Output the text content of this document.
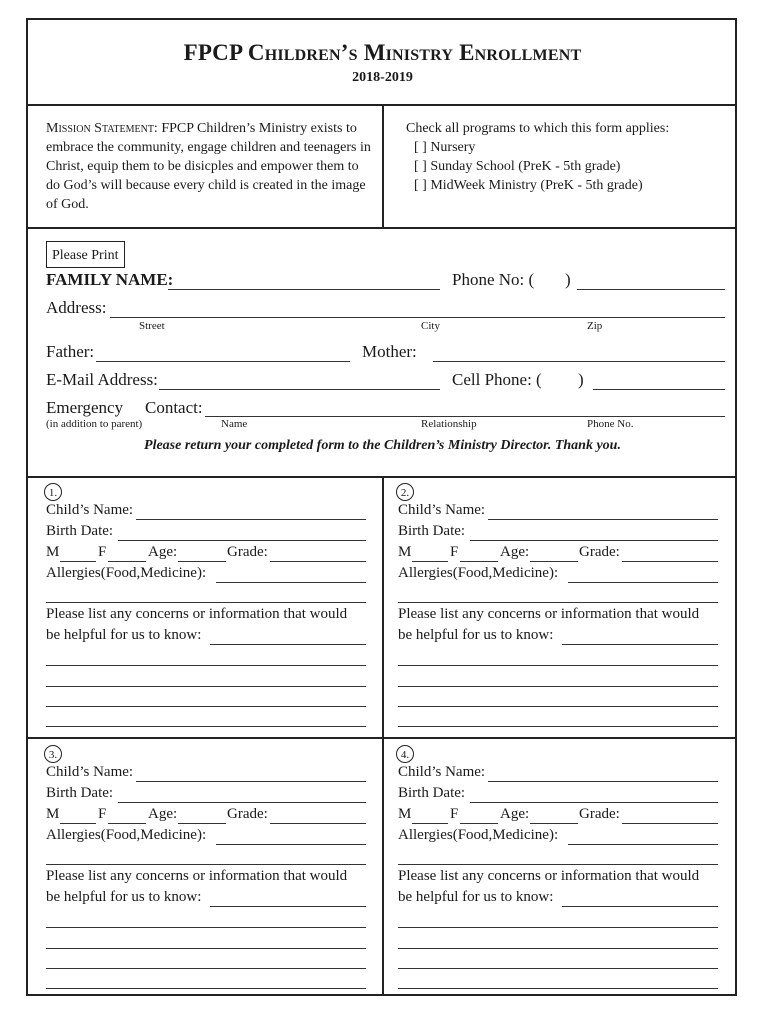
FPCP Children’s Ministry Enrollment
2018-2019
Mission Statement: FPCP Children’s Ministry exists to embrace the community, engage children and teenagers in Christ, equip them to be disicples and empower them to do God’s will because every child is created in the image of God.
Check all programs to which this form applies:
[ ] Nursery
[ ] Sunday School (PreK - 5th grade)
[ ] MidWeek Ministry (PreK - 5th grade)
Please Print
FAMILY NAME:	Phone No: ( )
Address:
Street	City	Zip
Father:	Mother:
E-Mail Address:	Cell Phone: ( )
Emergency Contact:
(in addition to parent)	Name	Relationship	Phone No.
Please return your completed form to the Children’s Ministry Director. Thank you.
1.
Child’s Name:
Birth Date:
M	F	Age:	Grade:
Allergies(Food,Medicine):
Please list any concerns or information that would
be helpful for us to know:
2.
Child’s Name:
Birth Date:
M	F	Age:	Grade:
Allergies(Food,Medicine):
Please list any concerns or information that would
be helpful for us to know:
3.
Child’s Name:
Birth Date:
M	F	Age:	Grade:
Allergies(Food,Medicine):
Please list any concerns or information that would
be helpful for us to know:
4.
Child’s Name:
Birth Date:
M	F	Age:	Grade:
Allergies(Food,Medicine):
Please list any concerns or information that would
be helpful for us to know:
